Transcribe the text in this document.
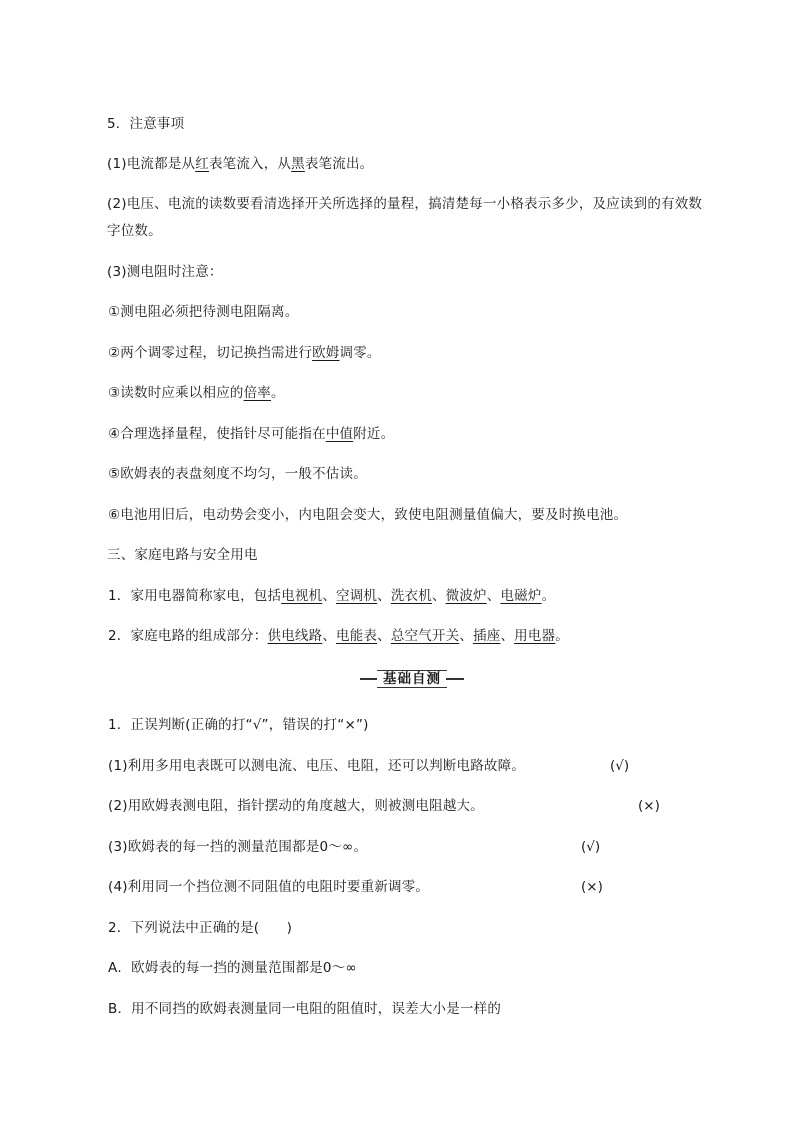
5．注意事项
(1)电流都是从红表笔流入，从黑表笔流出。
(2)电压、电流的读数要看清选择开关所选择的量程，搞清楚每一小格表示多少，及应读到的有效数
字位数。
(3)测电阻时注意：
①测电阻必须把待测电阻隔离。
②两个调零过程，切记换挡需进行欧姆调零。
③读数时应乘以相应的倍率。
④合理选择量程，使指针尽可能指在中值附近。
⑤欧姆表的表盘刻度不均匀，一般不估读。
⑥电池用旧后，电动势会变小，内电阻会变大，致使电阻测量值偏大，要及时换电池。
三、家庭电路与安全用电
1．家用电器简称家电，包括电视机、空调机、洗衣机、微波炉、电磁炉。
2．家庭电路的组成部分：供电线路、电能表、总空气开关、插座、用电器。
基础自测
1．正误判断(正确的打“√”，错误的打“×”)
(1)利用多用电表既可以测电流、电压、电阻，还可以判断电路故障。	(√)
(2)用欧姆表测电阻，指针摆动的角度越大，则被测电阻越大。	(×)
(3)欧姆表的每一挡的测量范围都是0～∞。	(√)
(4)利用同一个挡位测不同阻值的电阻时要重新调零。	(×)
2．下列说法中正确的是(　　)
A．欧姆表的每一挡的测量范围都是0～∞
B．用不同挡的欧姆表测量同一电阻的阻值时，误差大小是一样的
